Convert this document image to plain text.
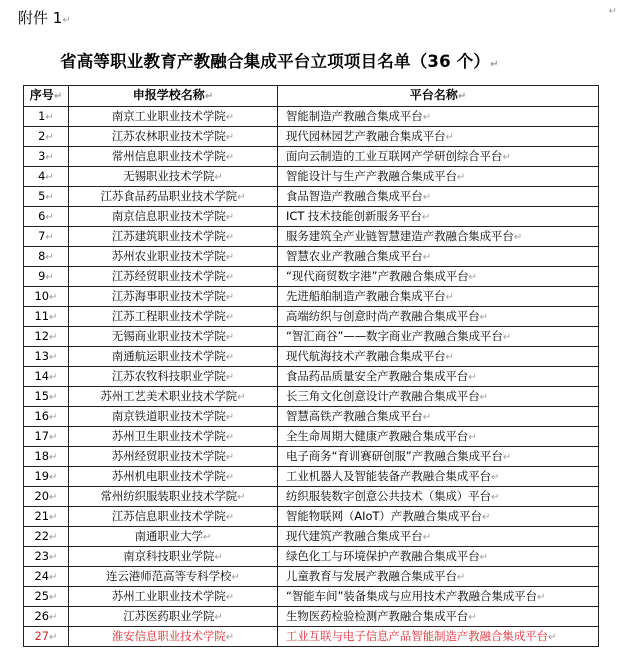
附件 1↵
↵
省高等职业教育产教融合集成平台立项项目名单（36 个）↵
序号↵	申报学校名称↵	平台名称↵
1↵	南京工业职业技术学院↵	智能制造产教融合集成平台↵
2↵	江苏农林职业技术学院↵	现代园林园艺产教融合集成平台↵
3↵	常州信息职业技术学院↵	面向云制造的工业互联网产学研创综合平台↵
4↵	无锡职业技术学院↵	智能设计与生产产教融合集成平台↵
5↵	江苏食品药品职业技术学院↵	食品智造产教融合集成平台↵
6↵	南京信息职业技术学院↵	ICT 技术技能创新服务平台↵
7↵	江苏建筑职业技术学院↵	服务建筑全产业链智慧建造产教融合集成平台↵
8↵	苏州农业职业技术学院↵	智慧农业产教融合集成平台↵
9↵	江苏经贸职业技术学院↵	“现代商贸数字港”产教融合集成平台↵
10↵	江苏海事职业技术学院↵	先进船舶制造产教融合集成平台↵
11↵	江苏工程职业技术学院↵	高端纺织与创意时尚产教融合集成平台↵
12↵	无锡商业职业技术学院↵	“智汇商谷”——数字商业产教融合集成平台↵
13↵	南通航运职业技术学院↵	现代航海技术产教融合集成平台↵
14↵	江苏农牧科技职业学院↵	食品药品质量安全产教融合集成平台↵
15↵	苏州工艺美术职业技术学院↵	长三角文化创意设计产教融合集成平台↵
16↵	南京铁道职业技术学院↵	智慧高铁产教融合集成平台↵
17↵	苏州卫生职业技术学院↵	全生命周期大健康产教融合集成平台↵
18↵	苏州经贸职业技术学院↵	电子商务“育训赛研创服”产教融合集成平台↵
19↵	苏州机电职业技术学院↵	工业机器人及智能装备产教融合集成平台↵
20↵	常州纺织服装职业技术学院↵	纺织服装数字创意公共技术（集成）平台↵
21↵	江苏信息职业技术学院↵	智能物联网（AIoT）产教融合集成平台↵
22↵	南通职业大学↵	现代建筑产教融合集成平台↵
23↵	南京科技职业学院↵	绿色化工与环境保护产教融合集成平台↵
24↵	连云港师范高等专科学校↵	儿童教育与发展产教融合集成平台↵
25↵	苏州工业职业技术学院↵	“智能车间”装备集成与应用技术产教融合集成平台↵
26↵	江苏医药职业学院↵	生物医药检验检测产教融合集成平台↵
27↵	淮安信息职业技术学院↵	工业互联与电子信息产品智能制造产教融合集成平台↵
